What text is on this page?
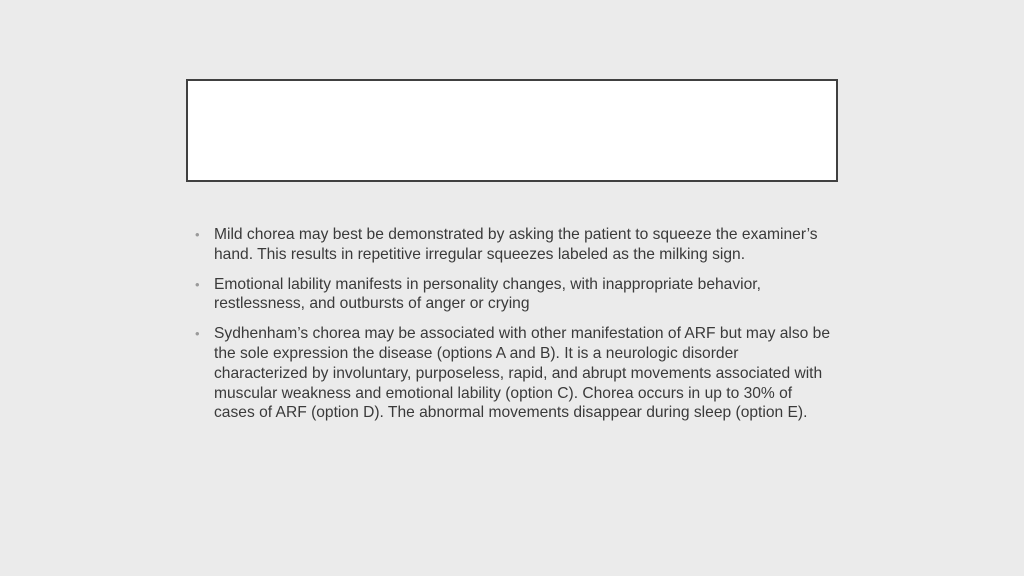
• Mild chorea may best be demonstrated by asking the patient to squeeze the examiner’s hand. This results in repetitive irregular squeezes labeled as the milking sign.
• Emotional lability manifests in personality changes, with inappropriate behavior, restlessness, and outbursts of anger or crying
• Sydhenham’s chorea may be associated with other manifestation of ARF but may also be the sole expression the disease (options A and B). It is a neurologic disorder characterized by involuntary, purposeless, rapid, and abrupt movements associated with muscular weakness and emotional lability (option C). Chorea occurs in up to 30% of cases of ARF (option D). The abnormal movements disappear during sleep (option E).
